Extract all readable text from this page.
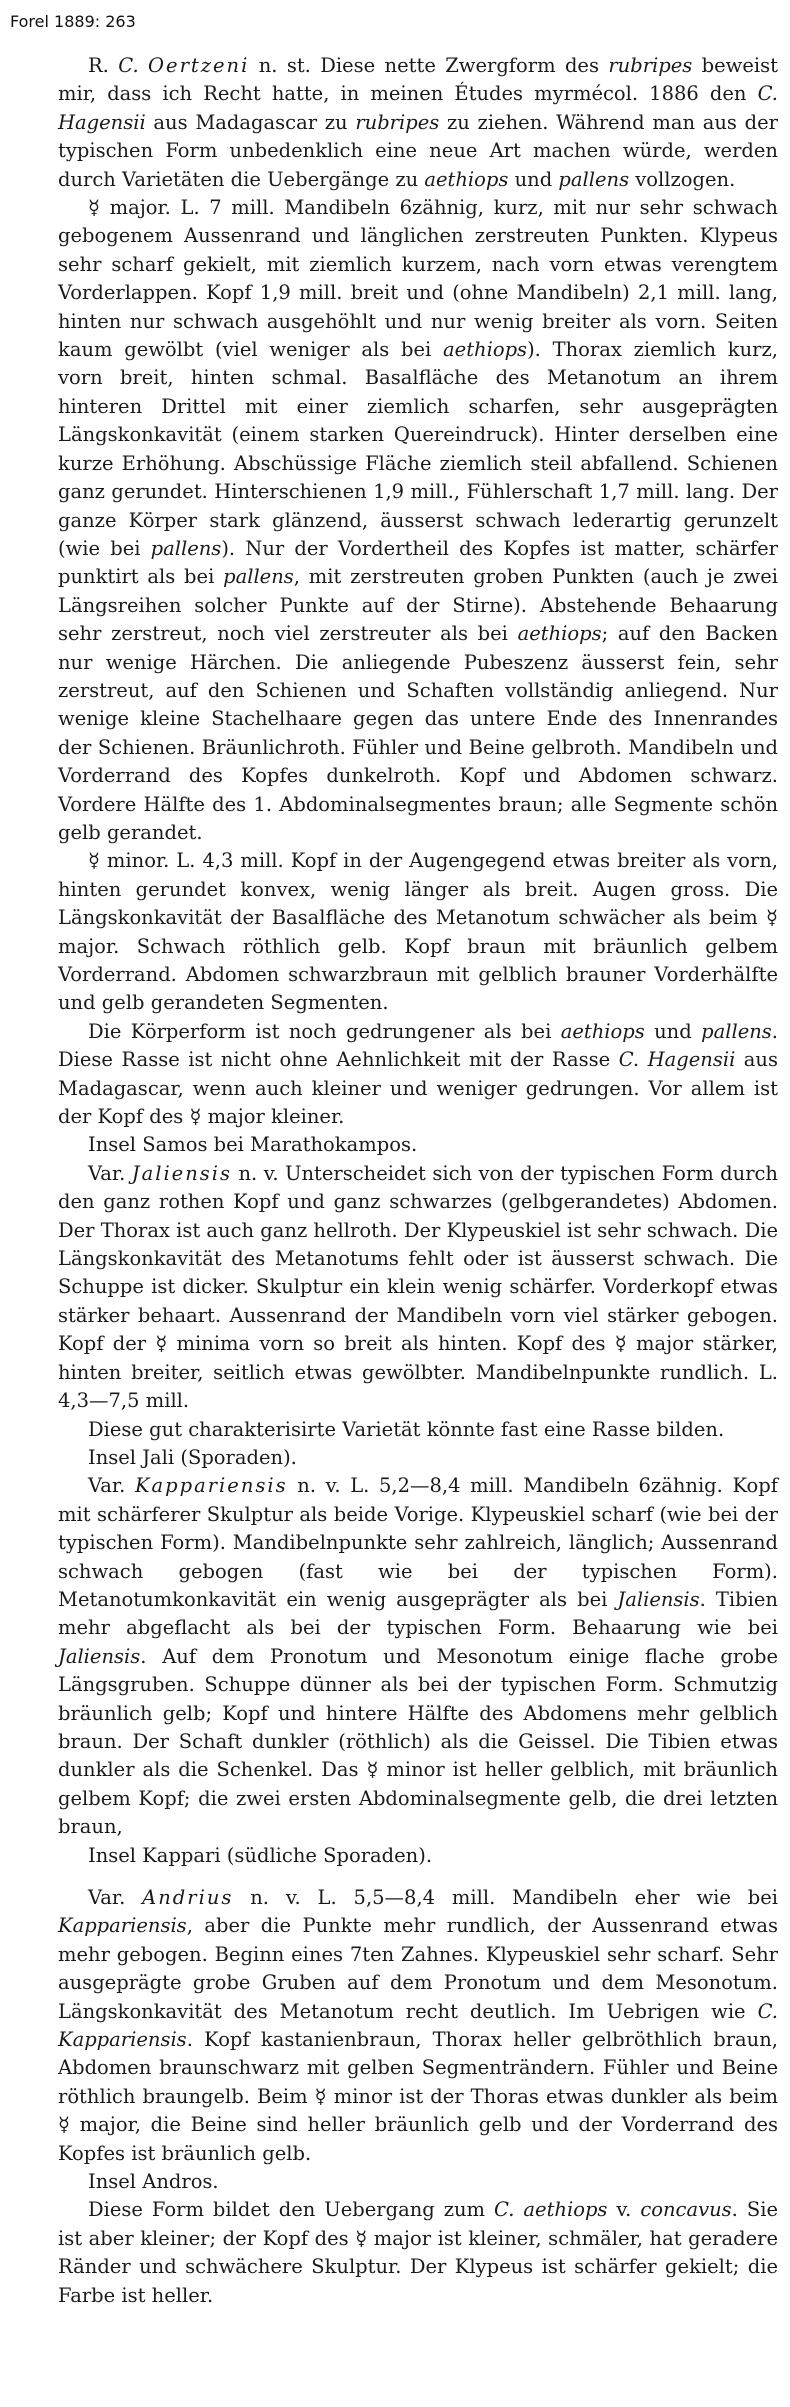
Forel 1889: 263

R. C. Oertzeni n. st. Diese nette Zwergform des rubripes beweist mir, dass ich Recht hatte, in meinen Études myrmécol. 1886 den C. Hagensii aus Madagascar zu rubripes zu ziehen. Während man aus der typischen Form unbedenklich eine neue Art machen würde, werden durch Varietäten die Uebergänge zu aethiops und pallens vollzogen.

☿ major. L. 7 mill. Mandibeln 6zähnig, kurz, mit nur sehr schwach gebogenem Aussenrand und länglichen zerstreuten Punkten. Klypeus sehr scharf gekielt, mit ziemlich kurzem, nach vorn etwas verengtem Vorderlappen. Kopf 1,9 mill. breit und (ohne Mandibeln) 2,1 mill. lang, hinten nur schwach ausgehöhlt und nur wenig breiter als vorn. Seiten kaum gewölbt (viel weniger als bei aethiops). Thorax ziemlich kurz, vorn breit, hinten schmal. Basalfläche des Metanotum an ihrem hinteren Drittel mit einer ziemlich scharfen, sehr ausgeprägten Längskonkavität (einem starken Quereindruck). Hinter derselben eine kurze Erhöhung. Abschüssige Fläche ziemlich steil abfallend. Schienen ganz gerundet. Hinterschienen 1,9 mill., Fühlerschaft 1,7 mill. lang. Der ganze Körper stark glänzend, äusserst schwach lederartig gerunzelt (wie bei pallens). Nur der Vordertheil des Kopfes ist matter, schärfer punktirt als bei pallens, mit zerstreuten groben Punkten (auch je zwei Längsreihen solcher Punkte auf der Stirne). Abstehende Behaarung sehr zerstreut, noch viel zerstreuter als bei aethiops; auf den Backen nur wenige Härchen. Die anliegende Pubeszenz äusserst fein, sehr zerstreut, auf den Schienen und Schaften vollständig anliegend. Nur wenige kleine Stachelhaare gegen das untere Ende des Innenrandes der Schienen. Bräunlichroth. Fühler und Beine gelbroth. Mandibeln und Vorderrand des Kopfes dunkelroth. Kopf und Abdomen schwarz. Vordere Hälfte des 1. Abdominalsegmentes braun; alle Segmente schön gelb gerandet.

☿ minor. L. 4,3 mill. Kopf in der Augengegend etwas breiter als vorn, hinten gerundet konvex, wenig länger als breit. Augen gross. Die Längskonkavität der Basalfläche des Metanotum schwächer als beim ☿ major. Schwach röthlich gelb. Kopf braun mit bräunlich gelbem Vorderrand. Abdomen schwarzbraun mit gelblich brauner Vorderhälfte und gelb gerandeten Segmenten.

Die Körperform ist noch gedrungener als bei aethiops und pallens. Diese Rasse ist nicht ohne Aehnlichkeit mit der Rasse C. Hagensii aus Madagascar, wenn auch kleiner und weniger gedrungen. Vor allem ist der Kopf des ☿ major kleiner.

Insel Samos bei Marathokampos.

Var. Jaliensis n. v. Unterscheidet sich von der typischen Form durch den ganz rothen Kopf und ganz schwarzes (gelbgerandetes) Abdomen. Der Thorax ist auch ganz hellroth. Der Klypeuskiel ist sehr schwach. Die Längskonkavität des Metanotums fehlt oder ist äusserst schwach. Die Schuppe ist dicker. Skulptur ein klein wenig schärfer. Vorderkopf etwas stärker behaart. Aussenrand der Mandibeln vorn viel stärker gebogen. Kopf der ☿ minima vorn so breit als hinten. Kopf des ☿ major stärker, hinten breiter, seitlich etwas gewölbter. Mandibelnpunkte rundlich. L. 4,3—7,5 mill.

Diese gut charakterisirte Varietät könnte fast eine Rasse bilden.

Insel Jali (Sporaden).

Var. Kappariensis n. v. L. 5,2—8,4 mill. Mandibeln 6zähnig. Kopf mit schärferer Skulptur als beide Vorige. Klypeuskiel scharf (wie bei der typischen Form). Mandibelnpunkte sehr zahlreich, länglich; Aussenrand schwach gebogen (fast wie bei der typischen Form). Metanotumkonkavität ein wenig ausgeprägter als bei Jaliensis. Tibien mehr abgeflacht als bei der typischen Form. Behaarung wie bei Jaliensis. Auf dem Pronotum und Mesonotum einige flache grobe Längsgruben. Schuppe dünner als bei der typischen Form. Schmutzig bräunlich gelb; Kopf und hintere Hälfte des Abdomens mehr gelblich braun. Der Schaft dunkler (röthlich) als die Geissel. Die Tibien etwas dunkler als die Schenkel. Das ☿ minor ist heller gelblich, mit bräunlich gelbem Kopf; die zwei ersten Abdominalsegmente gelb, die drei letzten braun,

Insel Kappari (südliche Sporaden).

Var. Andrius n. v. L. 5,5—8,4 mill. Mandibeln eher wie bei Kappariensis, aber die Punkte mehr rundlich, der Aussenrand etwas mehr gebogen. Beginn eines 7ten Zahnes. Klypeuskiel sehr scharf. Sehr ausgeprägte grobe Gruben auf dem Pronotum und dem Mesonotum. Längskonkavität des Metanotum recht deutlich. Im Uebrigen wie C. Kappariensis. Kopf kastanienbraun, Thorax heller gelbröthlich braun, Abdomen braunschwarz mit gelben Segmenträndern. Fühler und Beine röthlich braungelb. Beim ☿ minor ist der Thoras etwas dunkler als beim ☿ major, die Beine sind heller bräunlich gelb und der Vorderrand des Kopfes ist bräunlich gelb.

Insel Andros.

Diese Form bildet den Uebergang zum C. aethiops v. concavus. Sie ist aber kleiner; der Kopf des ☿ major ist kleiner, schmäler, hat geradere Ränder und schwächere Skulptur. Der Klypeus ist schärfer gekielt; die Farbe ist heller.
